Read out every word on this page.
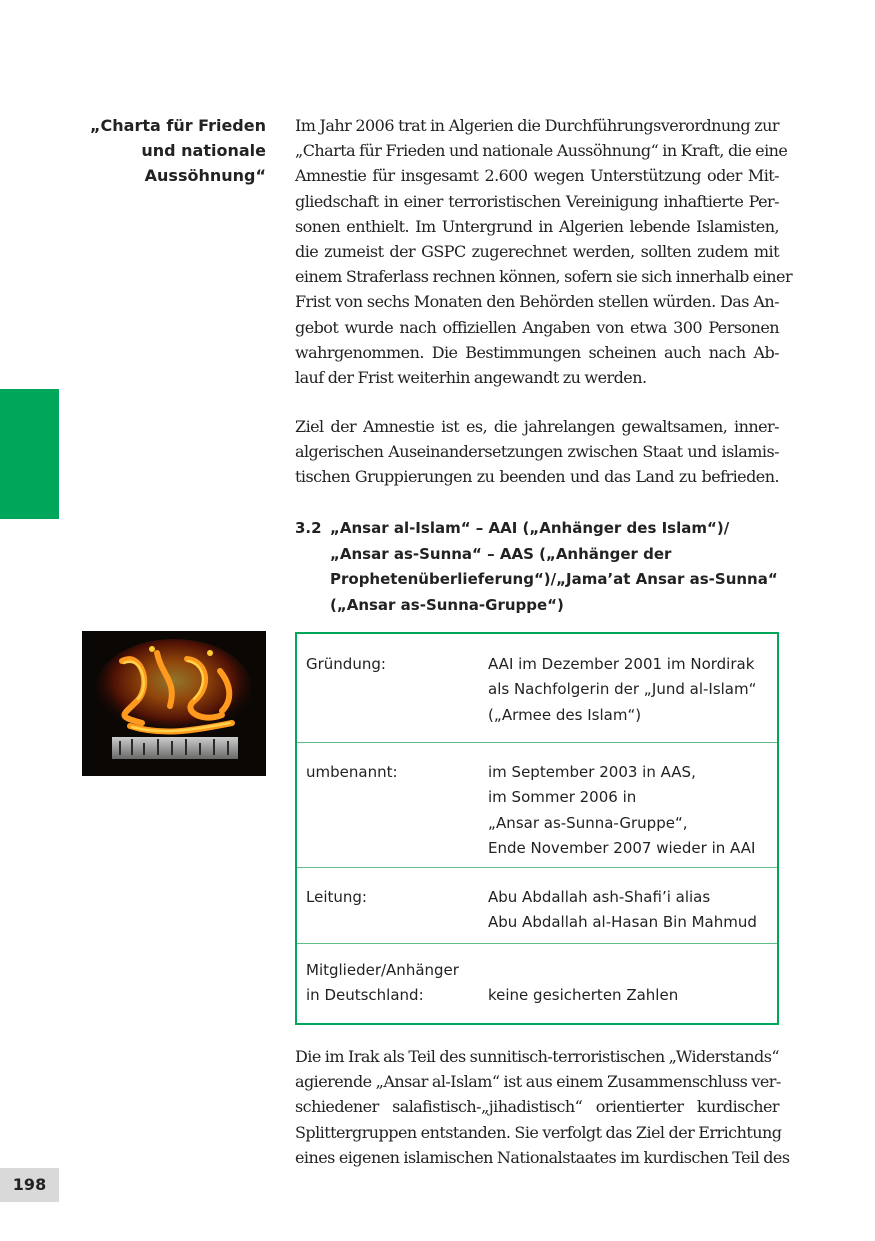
„Charta für Frieden
und nationale
Aussöhnung“

Im Jahr 2006 trat in Algerien die Durchführungsverordnung zur
„Charta für Frieden und nationale Aussöhnung“ in Kraft, die eine
Amnestie für insgesamt 2.600 wegen Unterstützung oder Mit-
gliedschaft in einer terroristischen Vereinigung inhaftierte Per-
sonen enthielt. Im Untergrund in Algerien lebende Islamisten,
die zumeist der GSPC zugerechnet werden, sollten zudem mit
einem Straferlass rechnen können, sofern sie sich innerhalb einer
Frist von sechs Monaten den Behörden stellen würden. Das An-
gebot wurde nach offiziellen Angaben von etwa 300 Personen
wahrgenommen. Die Bestimmungen scheinen auch nach Ab-
lauf der Frist weiterhin angewandt zu werden.

Ziel der Amnestie ist es, die jahrelangen gewaltsamen, inner-
algerischen Auseinandersetzungen zwischen Staat und islamis-
tischen Gruppierungen zu beenden und das Land zu befrieden.

3.2 „Ansar al-Islam“ – AAI („Anhänger des Islam“)/
„Ansar as-Sunna“ – AAS („Anhänger der
Prophetenüberlieferung“)/„Jama’at Ansar as-Sunna“
(„Ansar as-Sunna-Gruppe“)
Gründung:	AAI im Dezember 2001 im Nordirak
als Nachfolgerin der „Jund al-Islam“
(„Armee des Islam“)
umbenannt:	im September 2003 in AAS,
im Sommer 2006 in
„Ansar as-Sunna-Gruppe“,
Ende November 2007 wieder in AAI
Leitung:	Abu Abdallah ash-Shafi’i alias
Abu Abdallah al-Hasan Bin Mahmud
Mitglieder/Anhänger
in Deutschland:	keine gesicherten Zahlen

Die im Irak als Teil des sunnitisch-terroristischen „Widerstands“
agierende „Ansar al-Islam“ ist aus einem Zusammenschluss ver-
schiedener salafistisch-„jihadistisch“ orientierter kurdischer
Splittergruppen entstanden. Sie verfolgt das Ziel der Errichtung
eines eigenen islamischen Nationalstaates im kurdischen Teil des

198
